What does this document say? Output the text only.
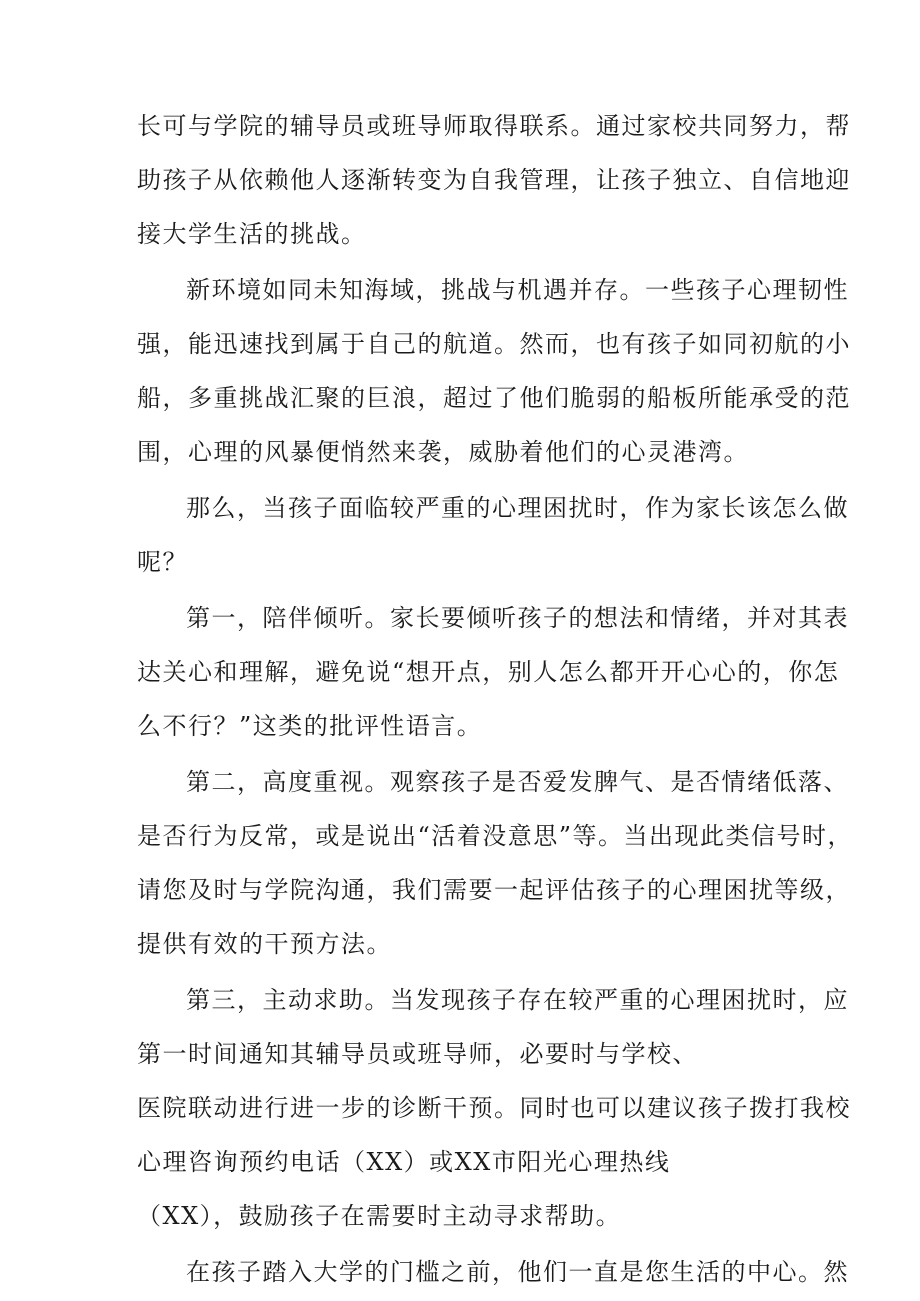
长可与学院的辅导员或班导师取得联系。通过家校共同努力，帮
助孩子从依赖他人逐渐转变为自我管理，让孩子独立、自信地迎
接大学生活的挑战。
新环境如同未知海域，挑战与机遇并存。一些孩子心理韧性
强，能迅速找到属于自己的航道。然而，也有孩子如同初航的小
船，多重挑战汇聚的巨浪，超过了他们脆弱的船板所能承受的范
围，心理的风暴便悄然来袭，威胁着他们的心灵港湾。
那么，当孩子面临较严重的心理困扰时，作为家长该怎么做
呢？
第一，陪伴倾听。家长要倾听孩子的想法和情绪，并对其表
达关心和理解，避免说“想开点，别人怎么都开开心心的，你怎
么不行？”这类的批评性语言。
第二，高度重视。观察孩子是否爱发脾气、是否情绪低落、
是否行为反常，或是说出“活着没意思”等。当出现此类信号时，
请您及时与学院沟通，我们需要一起评估孩子的心理困扰等级，
提供有效的干预方法。
第三，主动求助。当发现孩子存在较严重的心理困扰时，应
第一时间通知其辅导员或班导师，必要时与学校、
医院联动进行进一步的诊断干预。同时也可以建议孩子拨打我校
心理咨询预约电话（XX）或XX市阳光心理热线
（XX），鼓励孩子在需要时主动寻求帮助。
在孩子踏入大学的门槛之前，他们一直是您生活的中心。然
